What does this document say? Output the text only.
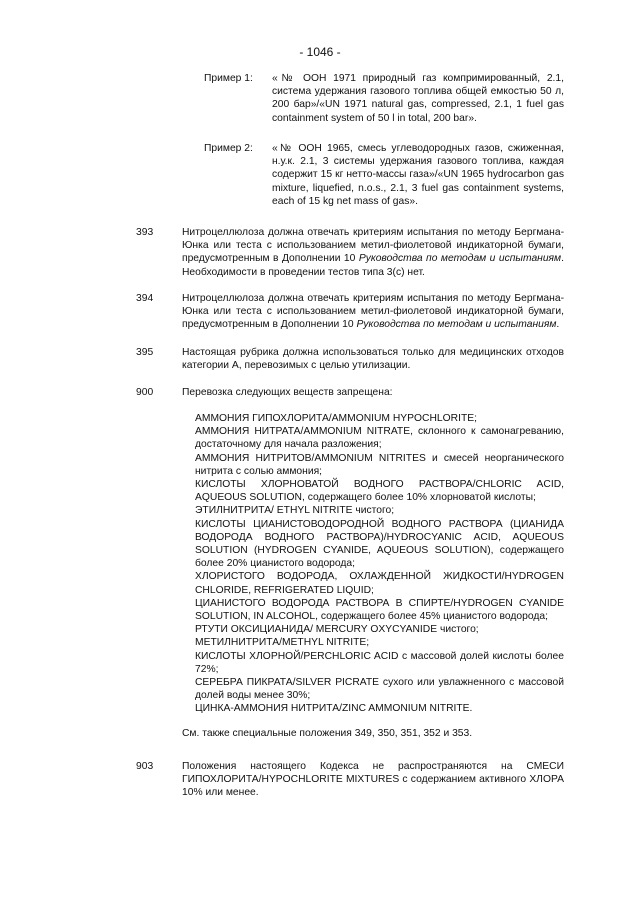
- 1046 -
Пример 1: «№ ООН 1971 природный газ компримированный, 2.1, система удержания газового топлива общей емкостью 50 л, 200 бар»/«UN 1971 natural gas, compressed, 2.1, 1 fuel gas containment system of 50 l in total, 200 bar».
Пример 2: «№ ООН 1965, смесь углеводородных газов, сжиженная, н.у.к. 2.1, 3 системы удержания газового топлива, каждая содержит 15 кг нетто-массы газа»/«UN 1965 hydrocarbon gas mixture, liquefied, n.o.s., 2.1, 3 fuel gas containment systems, each of 15 kg net mass of gas».
393	Нитроцеллюлоза должна отвечать критериям испытания по методу Бергмана-Юнка или теста с использованием метил-фиолетовой индикаторной бумаги, предусмотренным в Дополнении 10 Руководства по методам и испытаниям. Необходимости в проведении тестов типа 3(c) нет.
394	Нитроцеллюлоза должна отвечать критериям испытания по методу Бергмана-Юнка или теста с использованием метил-фиолетовой индикаторной бумаги, предусмотренным в Дополнении 10 Руководства по методам и испытаниям.
395	Настоящая рубрика должна использоваться только для медицинских отходов категории А, перевозимых с целью утилизации.
900	Перевозка следующих веществ запрещена:

АММОНИЯ ГИПОХЛОРИТА/AMMONIUM HYPOCHLORITE;

АММОНИЯ НИТРАТА/AMMONIUM NITRATE, склонного к самонагреванию, достаточному для начала разложения;

АММОНИЯ НИТРИТОВ/AMMONIUM NITRITES и смесей неорганического нитрита с солью аммония;

КИСЛОТЫ ХЛОРНОВАТОЙ ВОДНОГО РАСТВОРА/CHLORIC ACID, AQUEOUS SOLUTION, содержащего более 10% хлорноватой кислоты;

ЭТИЛНИТРИТА/ ETHYL NITRITE чистого;

КИСЛОТЫ ЦИАНИСТОВОДОРОДНОЙ ВОДНОГО РАСТВОРА (ЦИАНИДА ВОДОРОДА ВОДНОГО РАСТВОРА)/HYDROCYANIC ACID, AQUEOUS SOLUTION (HYDROGEN CYANIDE, AQUEOUS SOLUTION), содержащего более 20% цианистого водорода;

ХЛОРИСТОГО ВОДОРОДА, ОХЛАЖДЕННОЙ ЖИДКОСТИ/HYDROGEN CHLORIDE, REFRIGERATED LIQUID;

ЦИАНИСТОГО ВОДОРОДА РАСТВОРА В СПИРТЕ/HYDROGEN CYANIDE SOLUTION, IN ALCOHOL, содержащего более 45% цианистого водорода;

РТУТИ ОКСИЦИАНИДА/ MERCURY OXYCYANIDE чистого;

МЕТИЛНИТРИТА/METHYL NITRITE;

КИСЛОТЫ ХЛОРНОЙ/PERCHLORIC ACID с массовой долей кислоты более 72%;

СЕРЕБРА ПИКРАТА/SILVER PICRATE сухого или увлажненного с массовой долей воды менее 30%;

ЦИНКА-АММОНИЯ НИТРИТА/ZINC AMMONIUM NITRITE.

См. также специальные положения 349, 350, 351, 352 и 353.
903	Положения настоящего Кодекса не распространяются на СМЕСИ ГИПОХЛОРИТА/HYPOCHLORITE MIXTURES с содержанием активного ХЛОРА 10% или менее.
